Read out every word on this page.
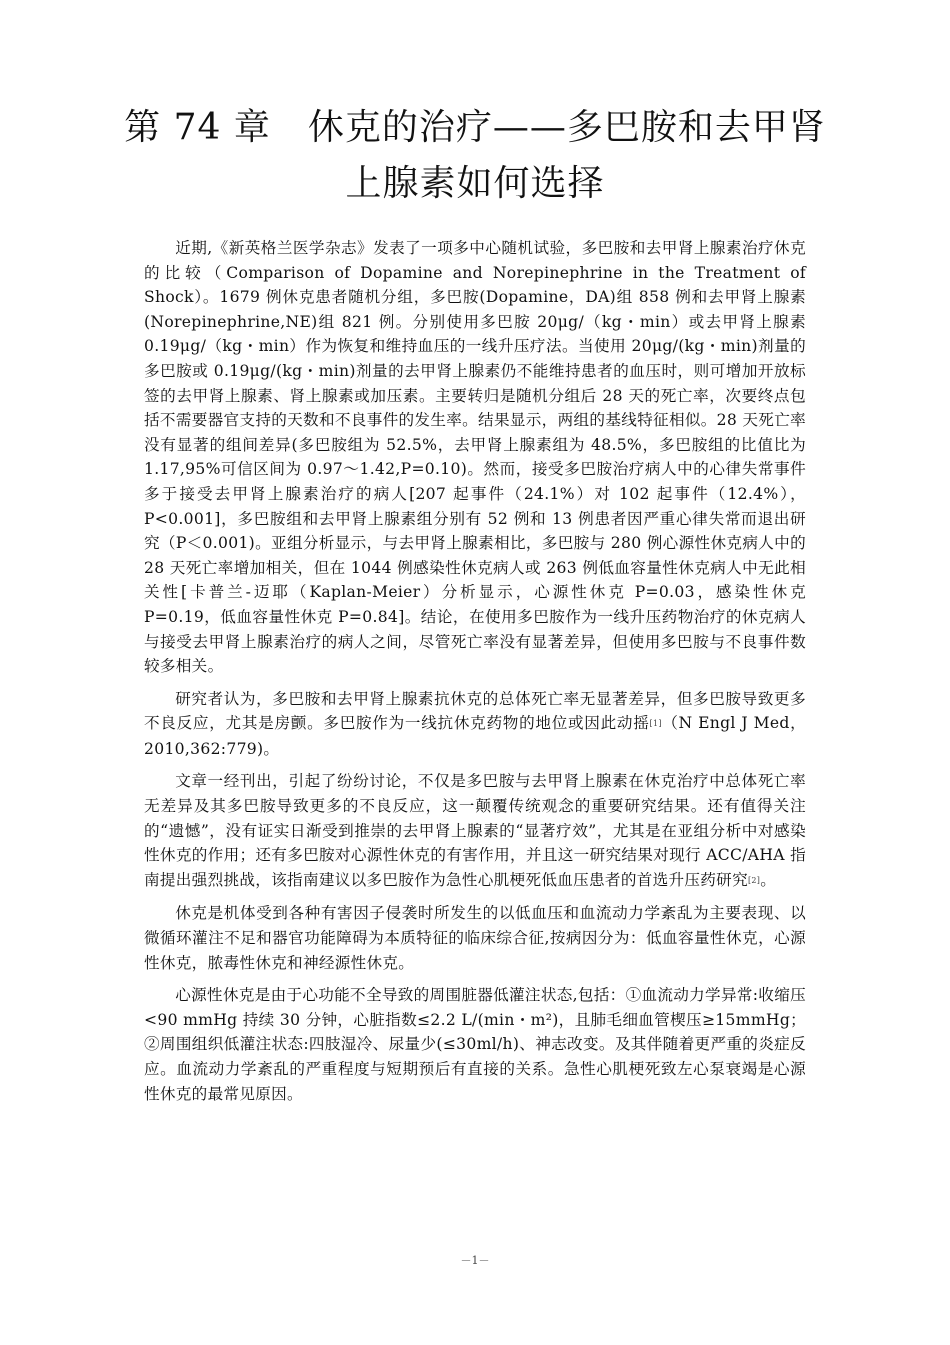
第 74 章　休克的治疗——多巴胺和去甲肾
上腺素如何选择

近期,《新英格兰医学杂志》发表了一项多中心随机试验，多巴胺和去甲肾上腺素治疗休克的比较（Comparison of Dopamine and Norepinephrine in the Treatment of Shock）。1679 例休克患者随机分组，多巴胺(Dopamine，DA)组 858 例和去甲肾上腺素(Norepinephrine,NE)组 821 例。分别使用多巴胺 20μg/（kg・min）或去甲肾上腺素 0.19μg/（kg・min）作为恢复和维持血压的一线升压疗法。当使用 20μg/(kg・min)剂量的多巴胺或 0.19μg/(kg・min)剂量的去甲肾上腺素仍不能维持患者的血压时，则可增加开放标签的去甲肾上腺素、肾上腺素或加压素。主要转归是随机分组后 28 天的死亡率，次要终点包括不需要器官支持的天数和不良事件的发生率。结果显示，两组的基线特征相似。28 天死亡率没有显著的组间差异(多巴胺组为 52.5%，去甲肾上腺素组为 48.5%，多巴胺组的比值比为 1.17,95%可信区间为 0.97～1.42,P=0.10)。然而，接受多巴胺治疗病人中的心律失常事件多于接受去甲肾上腺素治疗的病人[207 起事件（24.1%）对 102 起事件（12.4%），P<0.001]，多巴胺组和去甲肾上腺素组分别有 52 例和 13 例患者因严重心律失常而退出研究（P＜0.001)。亚组分析显示，与去甲肾上腺素相比，多巴胺与 280 例心源性休克病人中的 28 天死亡率增加相关，但在 1044 例感染性休克病人或 263 例低血容量性休克病人中无此相关性[卡普兰-迈耶（Kaplan-Meier）分析显示，心源性休克 P=0.03，感染性休克 P=0.19，低血容量性休克 P=0.84]。结论，在使用多巴胺作为一线升压药物治疗的休克病人与接受去甲肾上腺素治疗的病人之间，尽管死亡率没有显著差异，但使用多巴胺与不良事件数较多相关。

研究者认为，多巴胺和去甲肾上腺素抗休克的总体死亡率无显著差异，但多巴胺导致更多不良反应，尤其是房颤。多巴胺作为一线抗休克药物的地位或因此动摇[1]（N Engl J Med，2010,362:779)。

文章一经刊出，引起了纷纷讨论，不仅是多巴胺与去甲肾上腺素在休克治疗中总体死亡率无差异及其多巴胺导致更多的不良反应，这一颠覆传统观念的重要研究结果。还有值得关注的“遗憾”，没有证实日渐受到推崇的去甲肾上腺素的“显著疗效”，尤其是在亚组分析中对感染性休克的作用；还有多巴胺对心源性休克的有害作用，并且这一研究结果对现行 ACC/AHA 指南提出强烈挑战，该指南建议以多巴胺作为急性心肌梗死低血压患者的首选升压药研究[2]。

休克是机体受到各种有害因子侵袭时所发生的以低血压和血流动力学紊乱为主要表现、以微循环灌注不足和器官功能障碍为本质特征的临床综合征,按病因分为：低血容量性休克，心源性休克，脓毒性休克和神经源性休克。

心源性休克是由于心功能不全导致的周围脏器低灌注状态,包括：①血流动力学异常:收缩压<90 mmHg 持续 30 分钟，心脏指数≤2.2 L/(min・m²)，且肺毛细血管楔压≥15mmHg；②周围组织低灌注状态:四肢湿冷、尿量少(≤30ml/h)、神志改变。及其伴随着更严重的炎症反应。血流动力学紊乱的严重程度与短期预后有直接的关系。急性心肌梗死致左心泵衰竭是心源性休克的最常见原因。

－1－
